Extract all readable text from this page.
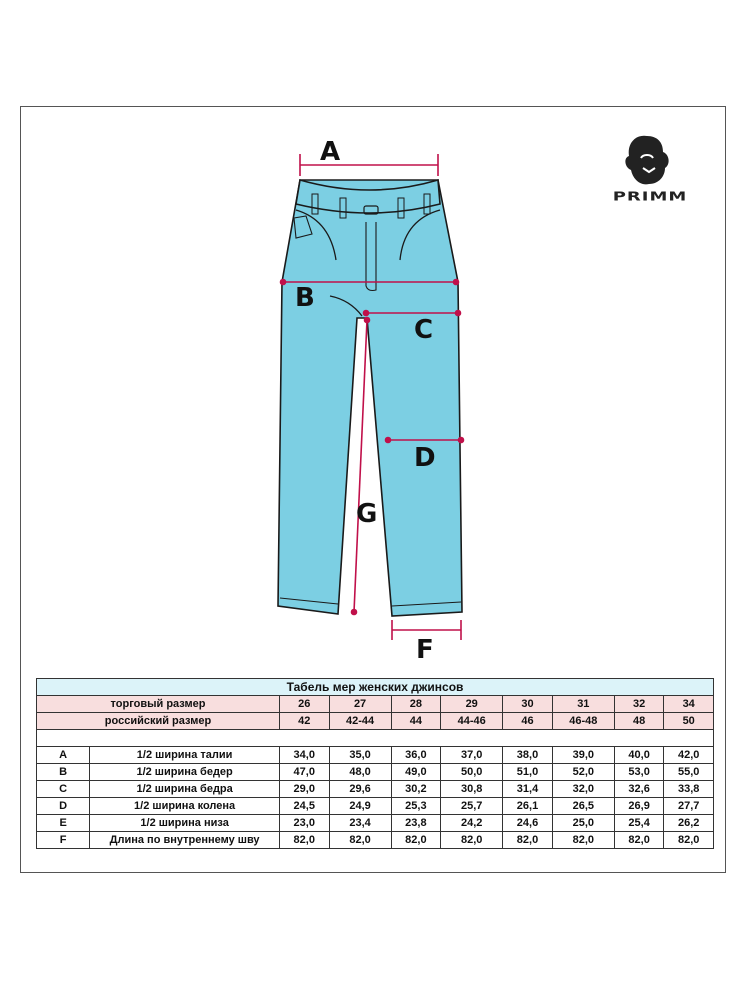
PRIMM
A
B
C
D
G
F
Табель мер женских джинсов									
торговый размер		26	27	28	29	30	31	32	34
российский размер		42	42-44	44	44-46	46	46-48	48	50

A	1/2 ширина талии	34,0	35,0	36,0	37,0	38,0	39,0	40,0	42,0
B	1/2 ширина бедер	47,0	48,0	49,0	50,0	51,0	52,0	53,0	55,0
C	1/2 ширина бедра	29,0	29,6	30,2	30,8	31,4	32,0	32,6	33,8
D	1/2 ширина колена	24,5	24,9	25,3	25,7	26,1	26,5	26,9	27,7
E	1/2 ширина низа	23,0	23,4	23,8	24,2	24,6	25,0	25,4	26,2
F	Длина по внутреннему шву	82,0	82,0	82,0	82,0	82,0	82,0	82,0	82,0
